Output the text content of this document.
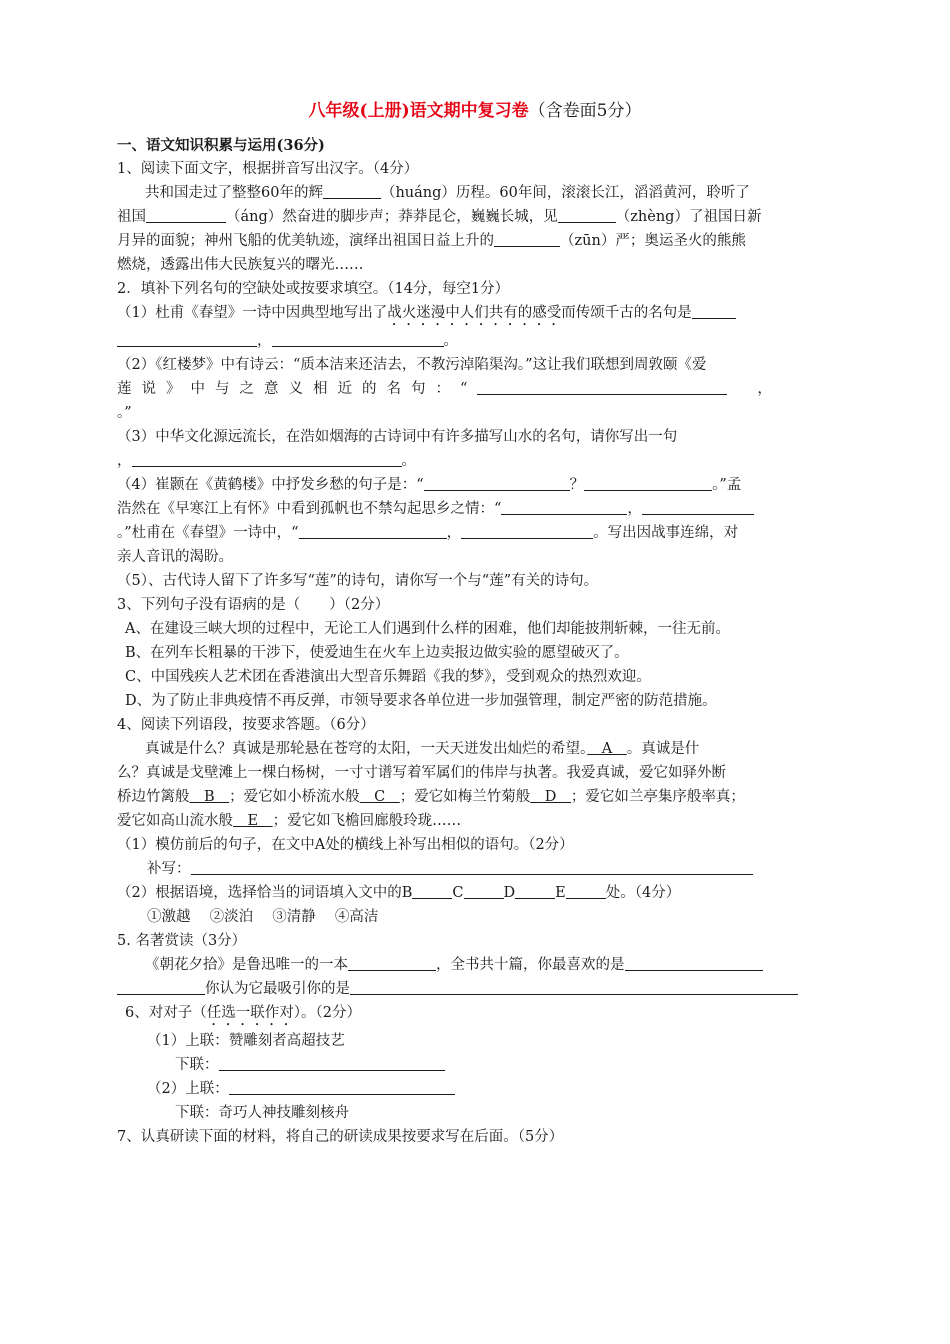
八年级(上册)语文期中复习卷（含卷面5分）

一、语文知识积累与运用(36分)

1、阅读下面文字，根据拼音写出汉字。（4分）

共和国走过了整整60年的辉	（huáng）历程。60年间，滚滚长江，滔滔黄河，聆听了

祖国	（áng）然奋进的脚步声；莽莽昆仑，巍巍长城，见	（zhèng）了祖国日新

月异的面貌；神州飞船的优美轨迹，演绎出祖国日益上升的	（zūn）严；奥运圣火的熊熊

燃烧，透露出伟大民族复兴的曙光……

2．填补下列名句的空缺处或按要求填空。（14分，每空1分）

（1）杜甫《春望》一诗中因典型地写出了战火迷漫中人们共有的感受而传颂千古的名句是

，	。

（2）《红楼梦》中有诗云：“质本洁来还洁去，不教污淖陷渠沟。”这让我们联想到周敦颐《爱

莲说》中与之意义相近的名句：“	，

。”

（3）中华文化源远流长，在浩如烟海的古诗词中有许多描写山水的名句，请你写出一句

，	。

（4）崔颢在《黄鹤楼》中抒发乡愁的句子是：“	？	。”孟

浩然在《早寒江上有怀》中看到孤帆也不禁勾起思乡之情：“	，

。”杜甫在《春望》一诗中，“	，	。写出因战事连绵，对

亲人音讯的渴盼。

（5）、古代诗人留下了许多写“莲”的诗句，请你写一个与“莲”有关的诗句。

3、下列句子没有语病的是（　　）（2分）

A、在建设三峡大坝的过程中，无论工人们遇到什么样的困难，他们却能披荆斩棘，一往无前。

B、在列车长粗暴的干涉下，使爱迪生在火车上边卖报边做实验的愿望破灭了。

C、中国残疾人艺术团在香港演出大型音乐舞蹈《我的梦》，受到观众的热烈欢迎。

D、为了防止非典疫情不再反弹，市领导要求各单位进一步加强管理，制定严密的防范措施。

4、阅读下列语段，按要求答题。（6分）

真诚是什么？真诚是那轮悬在苍穹的太阳，一天天迸发出灿烂的希望。　A　。真诚是什

么？真诚是戈壁滩上一棵白杨树，一寸寸谱写着军属们的伟岸与执著。我爱真诚，爱它如驿外断

桥边竹篱般　B　；爱它如小桥流水般　C　；爱它如梅兰竹菊般　D　；爱它如兰亭集序般率真；

爱它如高山流水般　E　；爱它如飞檐回廊般玲珑……

（1）模仿前后的句子，在文中A处的横线上补写出相似的语句。（2分）

补写：

（2）根据语境，选择恰当的词语填入文中的B	C	D	E	处。（4分）

①激越　 ②淡泊　 ③清静　 ④高洁

5. 名著赏读（3分）

《朝花夕拾》是鲁迅唯一的一本	，全书共十篇，你最喜欢的是

你认为它最吸引你的是

6、对对子（任选一联作对）。（2分）

（1）上联：赞雕刻者高超技艺

下联：

（2）上联：

下联：奇巧人神技雕刻核舟

7、认真研读下面的材料，将自己的研读成果按要求写在后面。（5分）
